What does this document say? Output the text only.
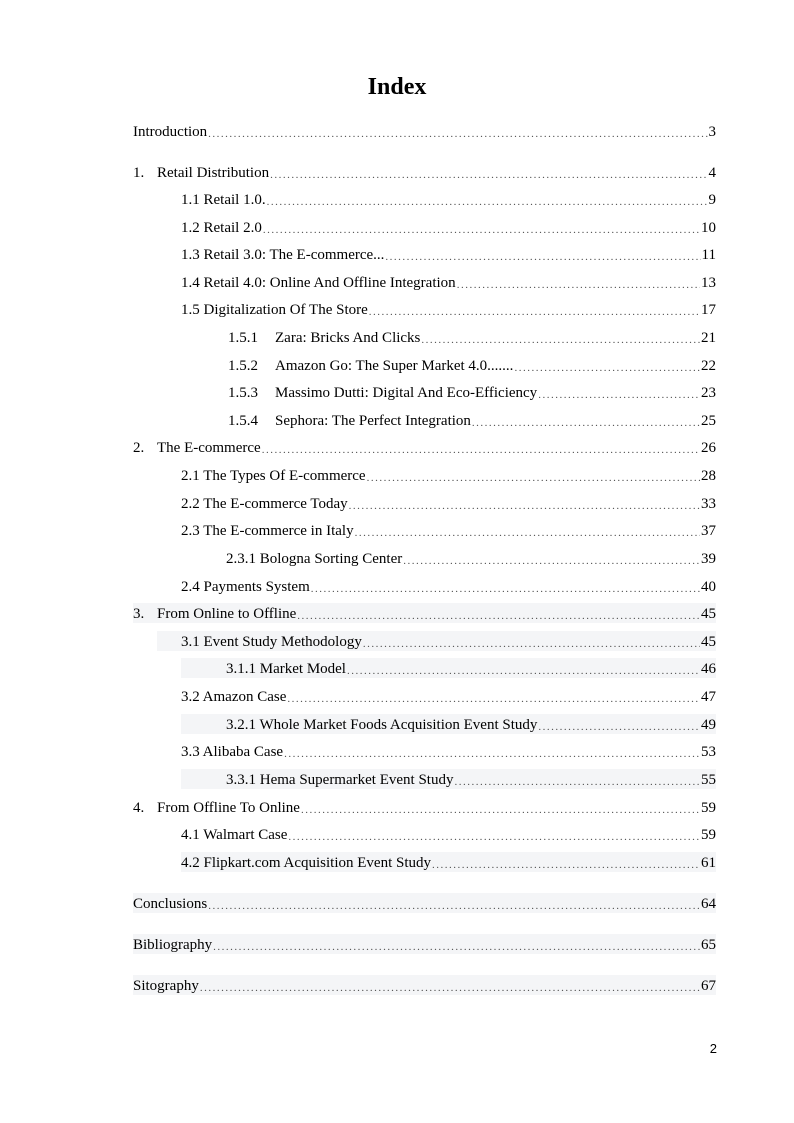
Index
Introduction .....	3
1. Retail Distribution .....	4
1.1 Retail 1.0. .....	9
1.2 Retail 2.0 .....	10
1.3 Retail 3.0: The E-commerce... .....	11
1.4 Retail 4.0: Online And Offline Integration .....	13
1.5 Digitalization Of The Store .....	17
1.5.1	Zara: Bricks And Clicks .....	21
1.5.2	Amazon Go: The Super Market 4.0....... .....	22
1.5.3	Massimo Dutti: Digital And Eco-Efficiency .....	23
1.5.4	Sephora: The Perfect Integration .....	25
2. The E-commerce .....	26
2.1 The Types Of E-commerce .....	28
2.2 The E-commerce Today .....	33
2.3 The E-commerce in Italy .....	37
2.3.1 Bologna Sorting Center .....	39
2.4 Payments System .....	40
3. From Online to Offline .....	45
3.1 Event Study Methodology .....	45
3.1.1 Market Model .....	46
3.2 Amazon Case .....	47
3.2.1 Whole Market Foods Acquisition Event Study .....	49
3.3 Alibaba Case .....	53
3.3.1 Hema Supermarket Event Study .....	55
4. From Offline To Online .....	59
4.1 Walmart Case .....	59
4.2 Flipkart.com Acquisition Event Study .....	61
Conclusions .....	64
Bibliography .....	65
Sitography .....	67
2
